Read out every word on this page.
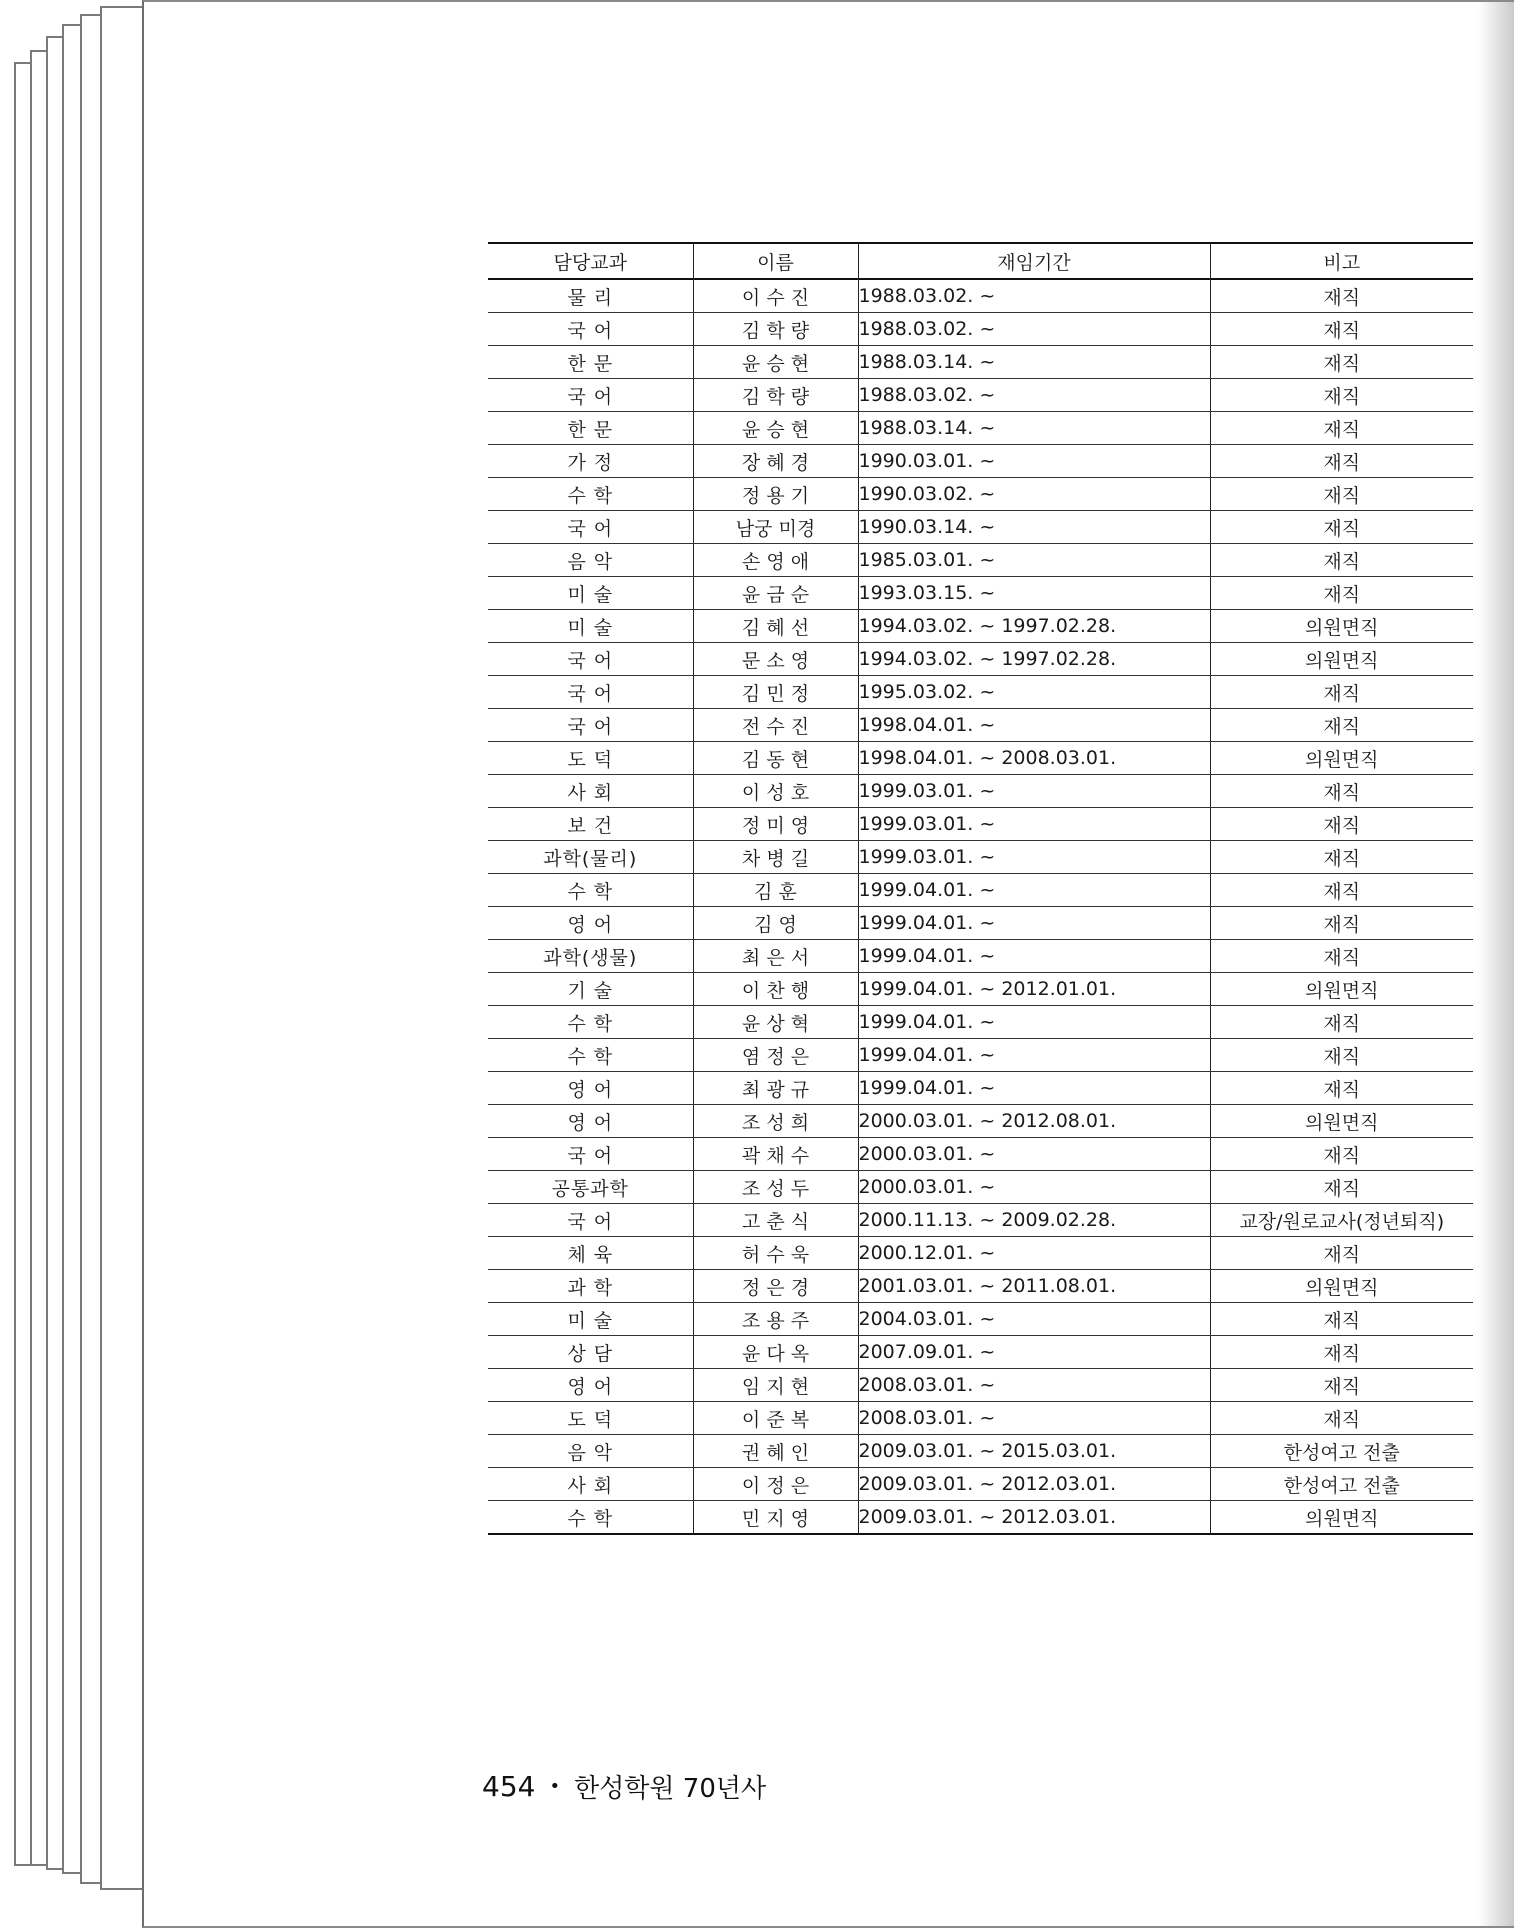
담당교과	이름	재임기간	비고
물 리	이 수 진	1988.03.02. ~	재직
국 어	김 학 량	1988.03.02. ~	재직
한 문	윤 승 현	1988.03.14. ~	재직
국 어	김 학 량	1988.03.02. ~	재직
한 문	윤 승 현	1988.03.14. ~	재직
가 정	장 혜 경	1990.03.01. ~	재직
수 학	정 용 기	1990.03.02. ~	재직
국 어	남궁 미경	1990.03.14. ~	재직
음 악	손 영 애	1985.03.01. ~	재직
미 술	윤 금 순	1993.03.15. ~	재직
미 술	김 혜 선	1994.03.02. ~ 1997.02.28.	의원면직
국 어	문 소 영	1994.03.02. ~ 1997.02.28.	의원면직
국 어	김 민 정	1995.03.02. ~	재직
국 어	전 수 진	1998.04.01. ~	재직
도 덕	김 동 현	1998.04.01. ~ 2008.03.01.	의원면직
사 회	이 성 호	1999.03.01. ~	재직
보 건	정 미 영	1999.03.01. ~	재직
과학(물리)	차 병 길	1999.03.01. ~	재직
수 학	김 훈	1999.04.01. ~	재직
영 어	김 영	1999.04.01. ~	재직
과학(생물)	최 은 서	1999.04.01. ~	재직
기 술	이 찬 행	1999.04.01. ~ 2012.01.01.	의원면직
수 학	윤 상 혁	1999.04.01. ~	재직
수 학	염 정 은	1999.04.01. ~	재직
영 어	최 광 규	1999.04.01. ~	재직
영 어	조 성 희	2000.03.01. ~ 2012.08.01.	의원면직
국 어	곽 채 수	2000.03.01. ~	재직
공통과학	조 성 두	2000.03.01. ~	재직
국 어	고 춘 식	2000.11.13. ~ 2009.02.28.	교장/원로교사(정년퇴직)
체 육	허 수 욱	2000.12.01. ~	재직
과 학	정 은 경	2001.03.01. ~ 2011.08.01.	의원면직
미 술	조 용 주	2004.03.01. ~	재직
상 담	윤 다 옥	2007.09.01. ~	재직
영 어	임 지 현	2008.03.01. ~	재직
도 덕	이 준 복	2008.03.01. ~	재직
음 악	권 혜 인	2009.03.01. ~ 2015.03.01.	한성여고 전출
사 회	이 정 은	2009.03.01. ~ 2012.03.01.	한성여고 전출
수 학	민 지 영	2009.03.01. ~ 2012.03.01.	의원면직
454 • 한성학원 70년사
